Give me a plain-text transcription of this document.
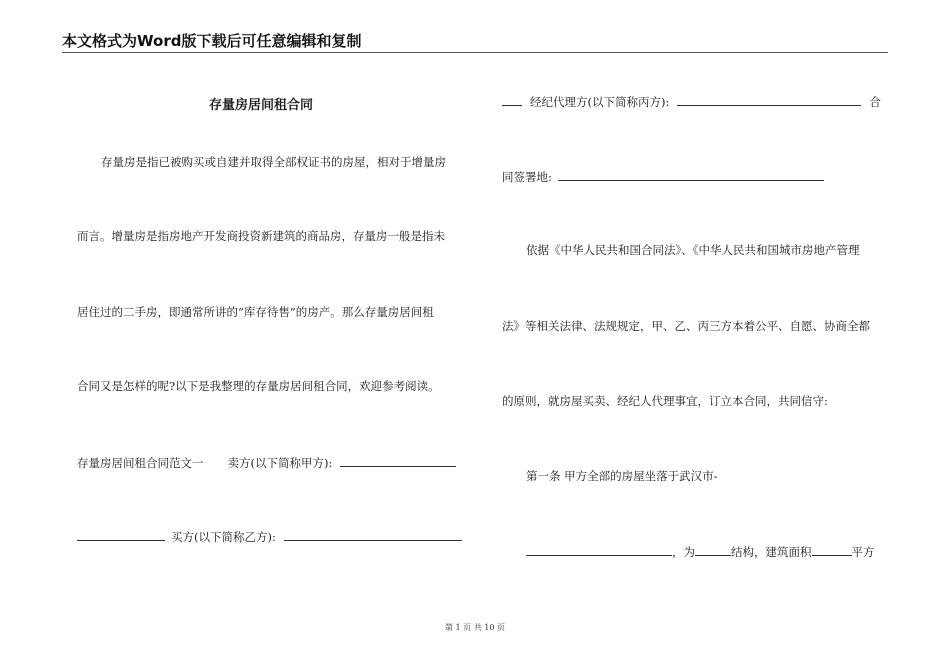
本文格式为Word版下载后可任意编辑和复制
存量房居间租合同
存量房是指已被购买或自建并取得全部权证书的房屋，相对于增量房
而言。增量房是指房地产开发商投资新建筑的商品房，存量房一般是指未
居住过的二手房，即通常所讲的“库存待售”的房产。那么存量房居间租
合同又是怎样的呢?以下是我整理的存量房居间租合同，欢迎参考阅读。
存量房居间租合同范文一 卖方(以下简称甲方):
买方(以下简称乙方):
经纪代理方(以下简称丙方):	合
同签署地:
依据《中华人民共和国合同法》、《中华人民共和国城市房地产管理
法》等相关法律、法规规定，甲、乙、丙三方本着公平、自愿、协商全都
的原则，就房屋买卖、经纪人代理事宜，订立本合同，共同信守:
第一条 甲方全部的房屋坐落于武汉市-
，为	结构，建筑面积	平方
第 1 页 共 10 页
